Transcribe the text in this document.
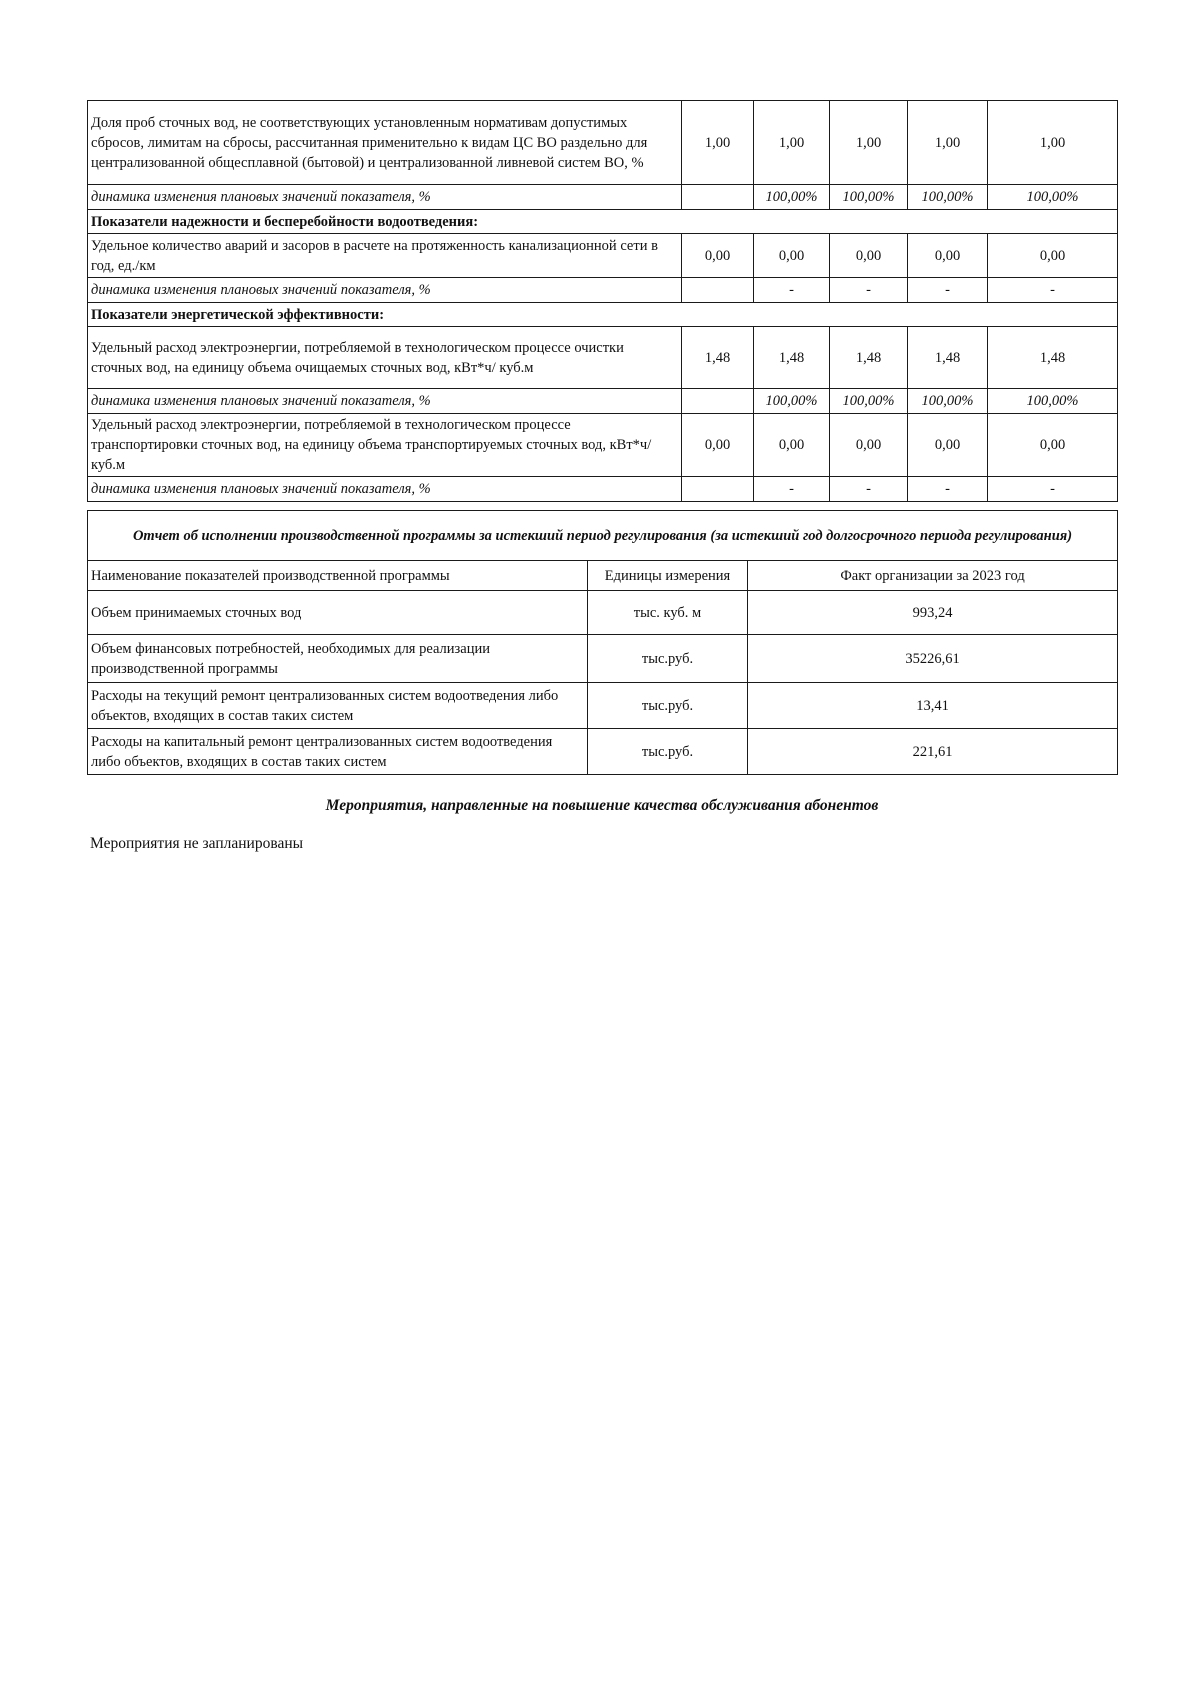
Доля проб сточных вод, не соответствующих установленным нормативам допустимых сбросов, лимитам на сбросы, рассчитанная применительно к видам ЦС ВО раздельно для централизованной общесплавной (бытовой) и централизованной ливневой систем ВО, %	1,00	1,00	1,00	1,00	1,00
динамика изменения плановых значений показателя, %		100,00%	100,00%	100,00%	100,00%
Показатели надежности и бесперебойности водоотведения:					
Удельное количество аварий и засоров в расчете на протяженность канализационной сети в год, ед./км	0,00	0,00	0,00	0,00	0,00
динамика изменения плановых значений показателя, %		-	-	-	-
Показатели энергетической эффективности:					
Удельный расход электроэнергии, потребляемой в технологическом процессе очистки сточных вод, на единицу объема очищаемых сточных вод, кВт*ч/ куб.м	1,48	1,48	1,48	1,48	1,48
динамика изменения плановых значений показателя, %		100,00%	100,00%	100,00%	100,00%
Удельный расход электроэнергии, потребляемой в технологическом процессе транспортировки сточных вод, на единицу объема транспортируемых сточных вод, кВт*ч/ куб.м	0,00	0,00	0,00	0,00	0,00
динамика изменения плановых значений показателя, %		-	-	-	-
Отчет об исполнении производственной программы за истекший период регулирования (за истекший год долгосрочного периода регулирования)		
Наименование показателей производственной программы	Единицы измерения	Факт организации за 2023 год
Объем принимаемых сточных вод	тыс. куб. м	993,24
Объем финансовых потребностей, необходимых для реализации производственной программы	тыс.руб.	35226,61
Расходы на текущий ремонт централизованных систем водоотведения либо объектов, входящих в состав таких систем	тыс.руб.	13,41
Расходы на капитальный ремонт централизованных систем водоотведения либо объектов, входящих в состав таких систем	тыс.руб.	221,61
Мероприятия, направленные на повышение качества обслуживания абонентов
Мероприятия не запланированы
